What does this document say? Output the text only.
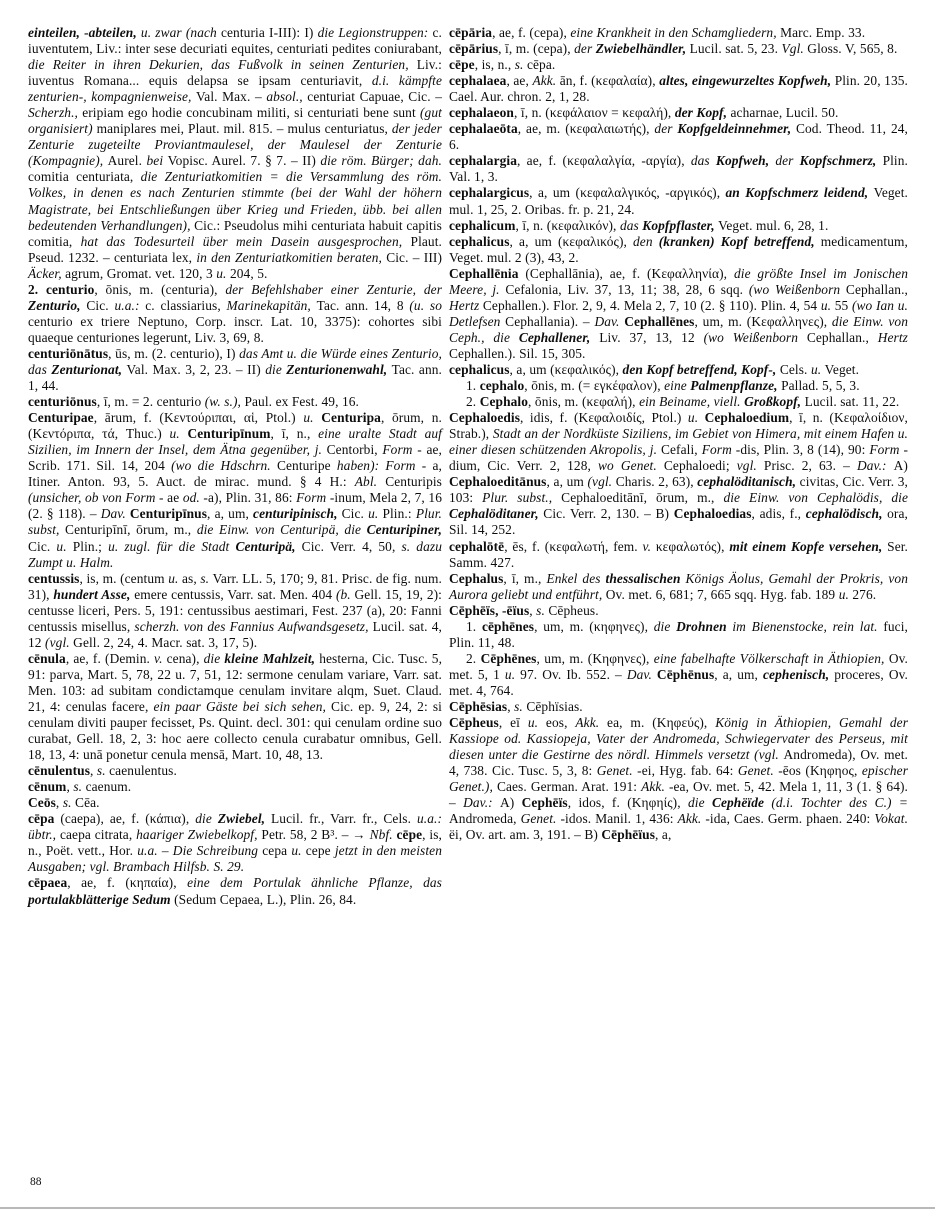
einteilen, -abteilen, u. zwar (nach centuria I-III): I) die Legionstruppen: c. iuventutem, Liv.: inter sese decuriati equites, centuriati pedites coniurabant, die Reiter in ihren Dekurien, das Fußvolk in seinen Zenturien, Liv.: iuventus Romana... equis delapsa se ipsam centuriavit, d.i. kämpfte zenturien-, kompagnienweise, Val. Max. – absol., centuriat Capuae, Cic. – Scherzh., eripiam ego hodie concubinam militi, si centuriati bene sunt (gut organisiert) maniplares mei, Plaut. mil. 815. – mulus centuriatus, der jeder Zenturie zugeteilte Proviantmaulesel, der Maulesel der Zenturie (Kompagnie), Aurel. bei Vopisc. Aurel. 7. § 7. – II) die röm. Bürger; dah. comitia centuriata, die Zenturiatkomitien = die Versammlung des röm. Volkes, in denen es nach Zenturien stimmte (bei der Wahl der höhern Magistrate, bei Entschließungen über Krieg und Frieden, übb. bei allen bedeutenden Verhandlungen), Cic.: Pseudolus mihi centuriata habuit capitis comitia, hat das Todesurteil über mein Dasein ausgesprochen, Plaut. Pseud. 1232. – centuriata lex, in den Zenturiatkomitien beraten, Cic. – III) Äcker, agrum, Gromat. vet. 120, 3 u. 204, 5.

2. centurio, ōnis, m. (centuria), der Befehlshaber einer Zenturie, der Zenturio, Cic. u.a.: c. classiarius, Marinekapitän, Tac. ann. 14, 8 (u. so centurio ex triere Neptuno, Corp. inscr. Lat. 10, 3375): cohortes sibi quaeque centuriones legerunt, Liv. 3, 69, 8.

centuriōnātus, ūs, m. (2. centurio), I) das Amt u. die Würde eines Zenturio, das Zenturionat, Val. Max. 3, 2, 23. – II) die Zenturionenwahl, Tac. ann. 1, 44.

centuriōnus, ī, m. = 2. centurio (w. s.), Paul. ex Fest. 49, 16.

Centuripae, ārum, f. (Κεντούριπαι, αἱ, Ptol.) u. Centuripa, ōrum, n. (Κεντόριπα, τά, Thuc.) u. Centuripīnum, ī, n., eine uralte Stadt auf Sizilien, im Innern der Insel, dem Ätna gegenüber, j. Centorbi, Form - ae, Scrib. 171. Sil. 14, 204 (wo die Hdschrn. Centuripe haben): Form - a, Itiner. Anton. 93, 5. Auct. de mirac. mund. § 4 H.: Abl. Centuripis (unsicher, ob von Form - ae od. -a), Plin. 31, 86: Form -inum, Mela 2, 7, 16 (2. § 118). – Dav. Centuripīnus, a, um, centuripinisch, Cic. u. Plin.: Plur. subst, Centuripīnī, ōrum, m., die Einw. von Centuripä, die Centuripiner, Cic. u. Plin.; u. zugl. für die Stadt Centuripä, Cic. Verr. 4, 50, s. dazu Zumpt u. Halm.

centussis, is, m. (centum u. as, s. Varr. LL. 5, 170; 9, 81. Prisc. de fig. num. 31), hundert Asse, emere centussis, Varr. sat. Men. 404 (b. Gell. 15, 19, 2): centusse liceri, Pers. 5, 191: centussibus aestimari, Fest. 237 (a), 20: Fanni centussis misellus, scherzh. von des Fannius Aufwandsgesetz, Lucil. sat. 4, 12 (vgl. Gell. 2, 24, 4. Macr. sat. 3, 17, 5).

cēnula, ae, f. (Demin. v. cena), die kleine Mahlzeit, hesterna, Cic. Tusc. 5, 91: parva, Mart. 5, 78, 22 u. 7, 51, 12: sermone cenulam variare, Varr. sat. Men. 103: ad subitam condictamque cenulam invitare alqm, Suet. Claud. 21, 4: cenulas facere, ein paar Gäste bei sich sehen, Cic. ep. 9, 24, 2: si cenulam diviti pauper fecisset, Ps. Quint. decl. 301: qui cenulam ordine suo curabat, Gell. 18, 2, 3: hoc aere collecto cenula curabatur omnibus, Gell. 18, 13, 4: unā ponetur cenula mensā, Mart. 10, 48, 13.

cēnulentus, s. caenulentus.

cēnum, s. caenum.

Ceōs, s. Cēa.

cēpa (caepa), ae, f. (κάπια), die Zwiebel, Lucil. fr., Varr. fr., Cels. u.a.: übtr., caepa citrata, haariger Zwiebelkopf, Petr. 58, 2 B³. – → Nbf. cēpe, is, n., Poët. vett., Hor. u.a. – Die Schreibung cepa u. cepe jetzt in den meisten Ausgaben; vgl. Brambach Hilfsb. S. 29.

cēpaea, ae, f. (κηπαία), eine dem Portulak ähnliche Pflanze, das portulakblätterige Sedum (Sedum Cepaea, L.), Plin. 26, 84.

cēpāria, ae, f. (cepa), eine Krankheit in den Schamgliedern, Marc. Emp. 33.

cēpārius, ī, m. (cepa), der Zwiebelhändler, Lucil. sat. 5, 23. Vgl. Gloss. V, 565, 8.

cēpe, is, n., s. cēpa.

cephalaea, ae, Akk. ān, f. (κεφαλαία), altes, eingewurzeltes Kopfweh, Plin. 20, 135. Cael. Aur. chron. 2, 1, 28.

cephalaeon, ī, n. (κεφάλαιον = κεφαλή), der Kopf, acharnae, Lucil. 50.

cephalaeōta, ae, m. (κεφαλαιωτής), der Kopfgeldeinnehmer, Cod. Theod. 11, 24, 6.

cephalargia, ae, f. (κεφαλαλγία, -αργία), das Kopfweh, der Kopfschmerz, Plin. Val. 1, 3.

cephalargicus, a, um (κεφαλαλγικός, -αργικός), an Kopfschmerz leidend, Veget. mul. 1, 25, 2. Oribas. fr. p. 21, 24.

cephalicum, ī, n. (κεφαλικόν), das Kopfpflaster, Veget. mul. 6, 28, 1.

cephalicus, a, um (κεφαλικός), den (kranken) Kopf betreffend, medicamentum, Veget. mul. 2 (3), 43, 2.

Cephallēnia (Cephallānia), ae, f. (Κεφαλληνία), die größte Insel im Jonischen Meere, j. Cefalonia, Liv. 37, 13, 11; 38, 28, 6 sqq. (wo Weißenborn Cephallan., Hertz Cephallen.). Flor. 2, 9, 4. Mela 2, 7, 10 (2. § 110). Plin. 4, 54 u. 55 (wo Ian u. Detlefsen Cephallania). – Dav. Cephallēnes, um, m. (Κεφαλληνες), die Einw. von Ceph., die Cephallener, Liv. 37, 13, 12 (wo Weißenborn Cephallan., Hertz Cephallen.). Sil. 15, 305.

cephalicus, a, um (κεφαλικός), den Kopf betreffend, Kopf-, Cels. u. Veget.

1. cephalo, ōnis, m. (= εγκέφαλον), eine Palmenpflanze, Pallad. 5, 5, 3.

2. Cephalo, ōnis, m. (κεφαλή), ein Beiname, viell. Großkopf, Lucil. sat. 11, 22.

Cephaloedis, idis, f. (Κεφαλοιδίς, Ptol.) u. Cephaloedium, ī, n. (Κεφαλοίδιον, Strab.), Stadt an der Nordküste Siziliens, im Gebiet von Himera, mit einem Hafen u. einer diesen schützenden Akropolis, j. Cefali, Form -dis, Plin. 3, 8 (14), 90: Form -dium, Cic. Verr. 2, 128, wo Genet. Cephaloedi; vgl. Prisc. 2, 63. – Dav.: A) Cephaloeditānus, a, um (vgl. Charis. 2, 63), cephalöditanisch, civitas, Cic. Verr. 3, 103: Plur. subst., Cephaloeditānī, ōrum, m., die Einw. von Cephalödis, die Cephalöditaner, Cic. Verr. 2, 130. – B) Cephaloedias, adis, f., cephalödisch, ora, Sil. 14, 252.

cephalōtē, ēs, f. (κεφαλωτή, fem. v. κεφαλωτός), mit einem Kopfe versehen, Ser. Samm. 427.

Cephalus, ī, m., Enkel des thessalischen Königs Äolus, Gemahl der Prokris, von Aurora geliebt und entführt, Ov. met. 6, 681; 7, 665 sqq. Hyg. fab. 189 u. 276.

Cēphēïs, -ēïus, s. Cēpheus.

1. cēphēnes, um, m. (κηφηνες), die Drohnen im Bienenstocke, rein lat. fuci, Plin. 11, 48.

2. Cēphēnes, um, m. (Κηφηνες), eine fabelhafte Völkerschaft in Äthiopien, Ov. met. 5, 1 u. 97. Ov. Ib. 552. – Dav. Cēphēnus, a, um, cephenisch, proceres, Ov. met. 4, 764.

Cēphēsias, s. Cēphïsias.

Cēpheus, eī u. eos, Akk. ea, m. (Κηφεύς), König in Äthiopien, Gemahl der Kassiope od. Kassiopeja, Vater der Andromeda, Schwiegervater des Perseus, mit diesen unter die Gestirne des nördl. Himmels versetzt (vgl. Andromeda), Ov. met. 4, 738. Cic. Tusc. 5, 3, 8: Genet. -ei, Hyg. fab. 64: Genet. -ēos (Κηφηος, epischer Genet.), Caes. German. Arat. 191: Akk. -ea, Ov. met. 5, 42. Mela 1, 11, 3 (1. § 64). – Dav.: A) Cephēïs, idos, f. (Κηφηίς), die Cephëïde (d.i. Tochter des C.) = Andromeda, Genet. -idos. Manil. 1, 436: Akk. -ida, Caes. Germ. phaen. 240: Vokat. ëi, Ov. art. am. 3, 191. – B) Cēphēïus, a,

88
